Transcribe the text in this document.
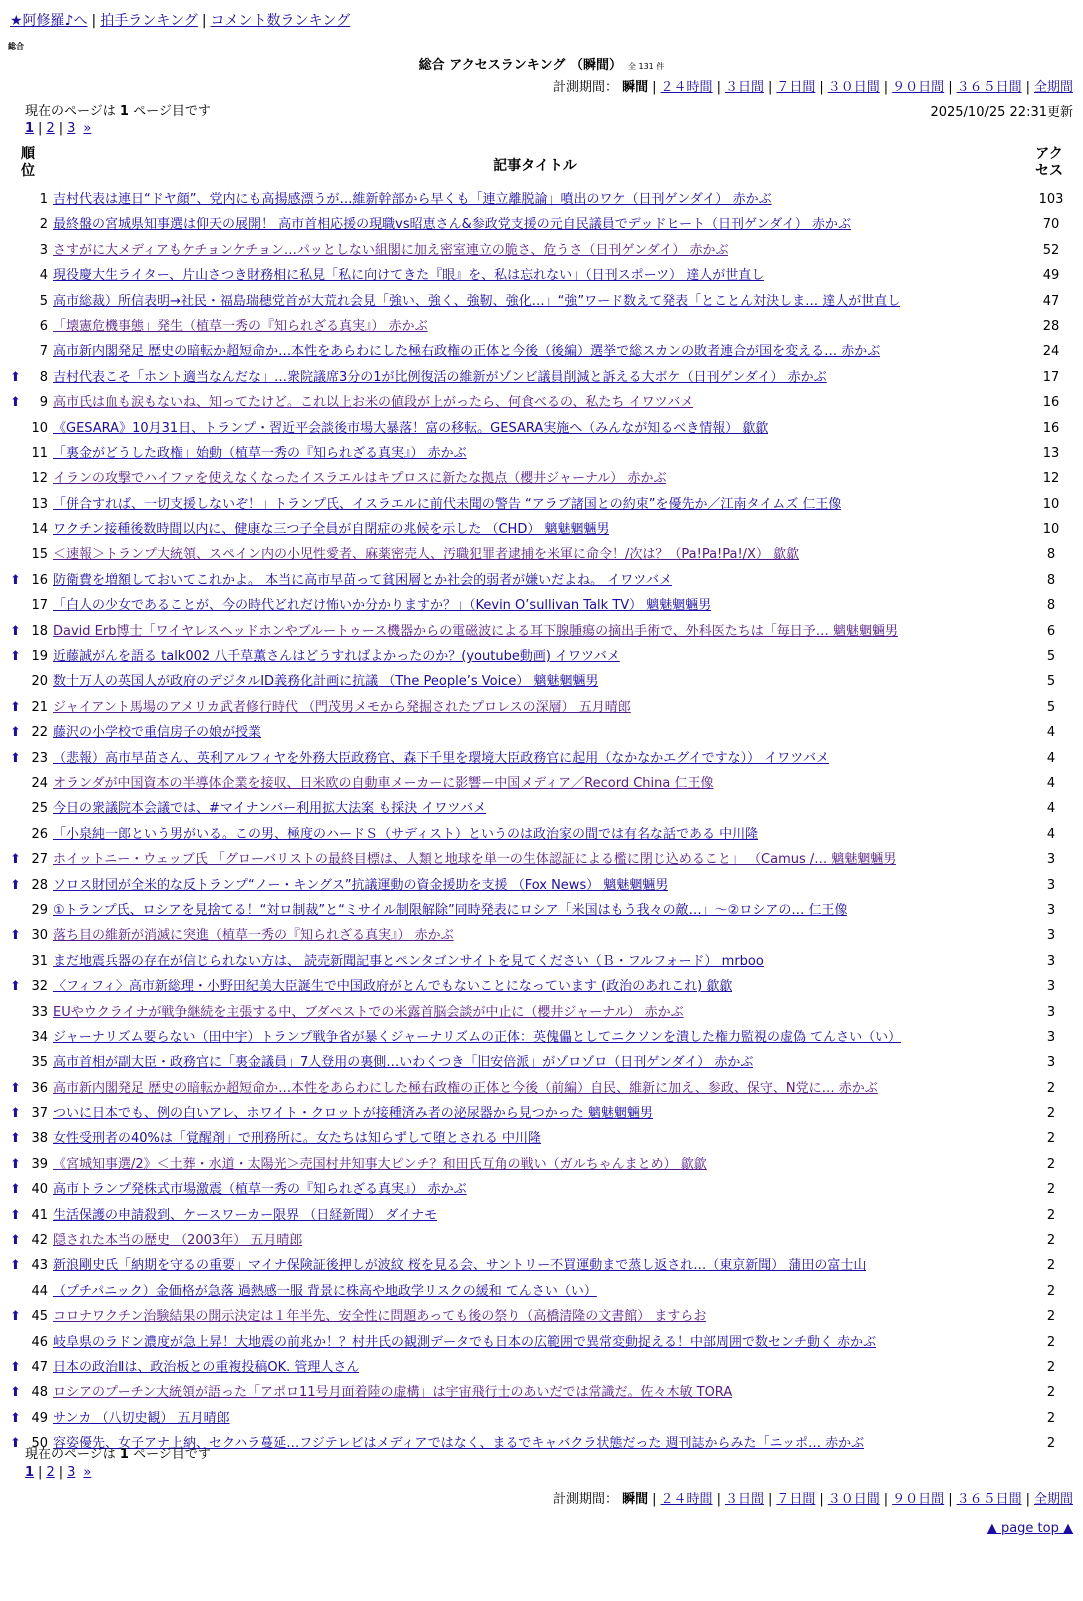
★阿修羅♪へ | 拍手ランキング | コメント数ランキング
総合
総合 アクセスランキング （瞬間） 全 131 件
計測期間： 瞬間 | ２４時間 | ３日間 | ７日間 | ３０日間 | ９０日間 | ３６５日間 | 全期間
現在のページは 1 ページ目です	2025/10/25 22:31更新
1 | 2 | 3 »
順位	記事タイトル
アクセス
1 吉村代表は連日“ドヤ顔”、党内にも高揚感漂うが…維新幹部から早くも「連立離脱論」噴出のワケ（日刊ゲンダイ） 赤かぶ	103
2 最終盤の宮城県知事選は仰天の展開！ 高市首相応援の現職vs昭恵さん&参政党支援の元自民議員でデッドヒート（日刊ゲンダイ） 赤かぶ	70
3 さすがに大メディアもケチョンケチョン…パッとしない組閣に加え密室連立の脆さ、危うさ（日刊ゲンダイ） 赤かぶ	52
4 現役慶大生ライター、片山さつき財務相に私見「私に向けてきた『眼』を、私は忘れない」（日刊スポーツ） 達人が世直し	49
5 高市総裁）所信表明→社民・福島瑞穂党首が大荒れ会見「強い、強く、強靭、強化…」“強”ワード数えて発表「とことん対決しま… 達人が世直し	47
6 「壊憲危機事態」発生（植草一秀の『知られざる真実』） 赤かぶ	28
7 高市新内閣発足 歴史の暗転か超短命か…本性をあらわにした極右政権の正体と今後（後編）選挙で総スカンの敗者連合が国を変える… 赤かぶ	24
⬆	8 吉村代表こそ「ホント適当なんだな」…衆院議席3分の1が比例復活の維新がゾンビ議員削減と訴える大ボケ（日刊ゲンダイ） 赤かぶ	17
⬆	9 高市氏は血も涙もないね、知ってたけど。これ以上お米の値段が上がったら、何食べるの、私たち イワツバメ	16
10 《GESARA》10月31日、トランプ・習近平会談後市場大暴落！富の移転。GESARA実施へ（みんなが知るべき情報） 歙歙	16
11 「裏金がどうした政権」始動（植草一秀の『知られざる真実』） 赤かぶ	13
12 イランの攻撃でハイファを使えなくなったイスラエルはキプロスに新たな拠点（櫻井ジャーナル） 赤かぶ	12
13 「併合すれば、一切支援しないぞ！」トランプ氏、イスラエルに前代未聞の警告 “アラブ諸国との約束”を優先か／江南タイムズ 仁王像	10
14 ワクチン接種後数時間以内に、健康な三つ子全員が自閉症の兆候を示した （CHD） 魑魅魍魎男	10
15 ＜速報＞トランプ大統領、スペイン内の小児性愛者、麻薬密売人、汚職犯罪者逮捕を米軍に命令！/次は？（Pa!Pa!Pa!/X） 歙歙	8
⬆ 16 防衛費を増額しておいてこれかよ。 本当に高市早苗って貧困層とか社会的弱者が嫌いだよね。 イワツバメ	8
17 「白人の少女であることが、今の時代どれだけ怖いか分かりますか？」（Kevin O’sullivan Talk TV） 魑魅魍魎男	8
⬆ 18 David Erb博士「ワイヤレスヘッドホンやブルートゥース機器からの電磁波による耳下腺腫瘍の摘出手術で、外科医たちは「毎日予… 魑魅魍魎男	6
⬆ 19 近藤誠がんを語る talk002 八千草薫さんはどうすればよかったのか？(youtube動画) イワツバメ	5
20 数十万人の英国人が政府のデジタルID義務化計画に抗議 （The People’s Voice） 魑魅魍魎男	5
⬆ 21 ジャイアント馬場のアメリカ武者修行時代 （門茂男メモから発掘されたプロレスの深層） 五月晴郎	5
⬆ 22 藤沢の小学校で重信房子の娘が授業	4
⬆ 23 （悲報）高市早苗さん、英利アルフィヤを外務大臣政務官、森下千里を環境大臣政務官に起用（なかなかエグイですな）） イワツバメ	4
24 オランダが中国資本の半導体企業を接収、日米欧の自動車メーカーに影響ー中国メディア／Record China 仁王像	4
25 今日の衆議院本会議では、#マイナンバー利用拡大法案 も採決 イワツバメ	4
26 「小泉純一郎という男がいる。この男、極度のハードＳ（サディスト）というのは政治家の間では有名な話である 中川隆	4
⬆ 27 ホイットニー・ウェッブ氏 「グローバリストの最終目標は、人類と地球を単一の生体認証による檻に閉じ込めること」 （Camus /… 魑魅魍魎男	3
⬆ 28 ソロス財団が全米的な反トランプ“ノー・キングス”抗議運動の資金援助を支援 （Fox News） 魑魅魍魎男	3
29 ①トランプ氏、ロシアを見捨てる！“対ロ制裁”と“ミサイル制限解除”同時発表にロシア「米国はもう我々の敵…」～②ロシアの… 仁王像	3
⬆ 30 落ち目の維新が消滅に突進（植草一秀の『知られざる真実』） 赤かぶ	3
31 まだ地震兵器の存在が信じられない方は、 読売新聞記事とペンタゴンサイトを見てください（Ｂ・フルフォード） mrboo	3
⬆ 32 〈フィフィ〉高市新総理・小野田紀美大臣誕生で中国政府がとんでもないことになっています (政治のあれこれ) 歙歙	3
33 EUやウクライナが戦争継続を主張する中、ブダペストでの米露首脳会談が中止に（櫻井ジャーナル） 赤かぶ	3
34 ジャーナリズム要らない（田中宇）トランプ戦争省が暴くジャーナリズムの正体：英傀儡としてニクソンを潰した権力監視の虚偽 てんさい（い）	3
35 高市首相が副大臣・政務官に「裏金議員」7人登用の裏側…いわくつき「旧安倍派」がゾロゾロ（日刊ゲンダイ） 赤かぶ	3
⬆ 36 高市新内閣発足 歴史の暗転か超短命か…本性をあらわにした極右政権の正体と今後（前編）自民、維新に加え、参政、保守、N党に… 赤かぶ	2
⬆ 37 ついに日本でも、例の白いアレ、ホワイト・クロットが接種済み者の泌尿器から見つかった 魑魅魍魎男	2
⬆ 38 女性受刑者の40%は「覚醒剤」で刑務所に。女たちは知らずして堕とされる 中川隆	2
⬆ 39 《宮城知事選/2》＜土葬・水道・太陽光＞売国村井知事大ピンチ？和田氏互角の戦い（ガルちゃんまとめ） 歙歙	2
⬆ 40 高市トランプ発株式市場激震（植草一秀の『知られざる真実』） 赤かぶ	2
⬆ 41 生活保護の申請殺到、ケースワーカー限界 （日経新聞） ダイナモ	2
⬆ 42 隠された本当の歴史 （2003年） 五月晴郎	2
⬆ 43 新浪剛史氏「納期を守るの重要」マイナ保険証後押しが波紋 桜を見る会、サントリー不買運動まで蒸し返され…（東京新聞） 蒲田の富士山	2
44 （プチパニック）金価格が急落 過熱感一服 背景に株高や地政学リスクの緩和 てんさい（い）	2
⬆ 45 コロナワクチン治験結果の開示決定は１年半先、安全性に問題あっても後の祭り（高橋清隆の文書館） ますらお	2
46 岐阜県のラドン濃度が急上昇！大地震の前兆か！？村井氏の観測データでも日本の広範囲で異常変動捉える！中部周囲で数センチ動く 赤かぶ	2
⬆ 47 日本の政治Ⅱは、政治板との重複投稿OK. 管理人さん	2
⬆ 48 ロシアのプーチン大統領が語った「アポロ11号月面着陸の虚構」は宇宙飛行士のあいだでは常識だ。佐々木敏 TORA	2
⬆ 49 サンカ （八切史観） 五月晴郎	2
⬆ 50 容姿優先、女子アナ上納、セクハラ蔓延…フジテレビはメディアではなく、まるでキャバクラ状態だった 週刊誌からみた「ニッポ… 赤かぶ	2
現在のページは 1 ページ目です
1 | 2 | 3 »
計測期間： 瞬間 | ２４時間 | ３日間 | ７日間 | ３０日間 | ９０日間 | ３６５日間 | 全期間
▲ page top ▲
